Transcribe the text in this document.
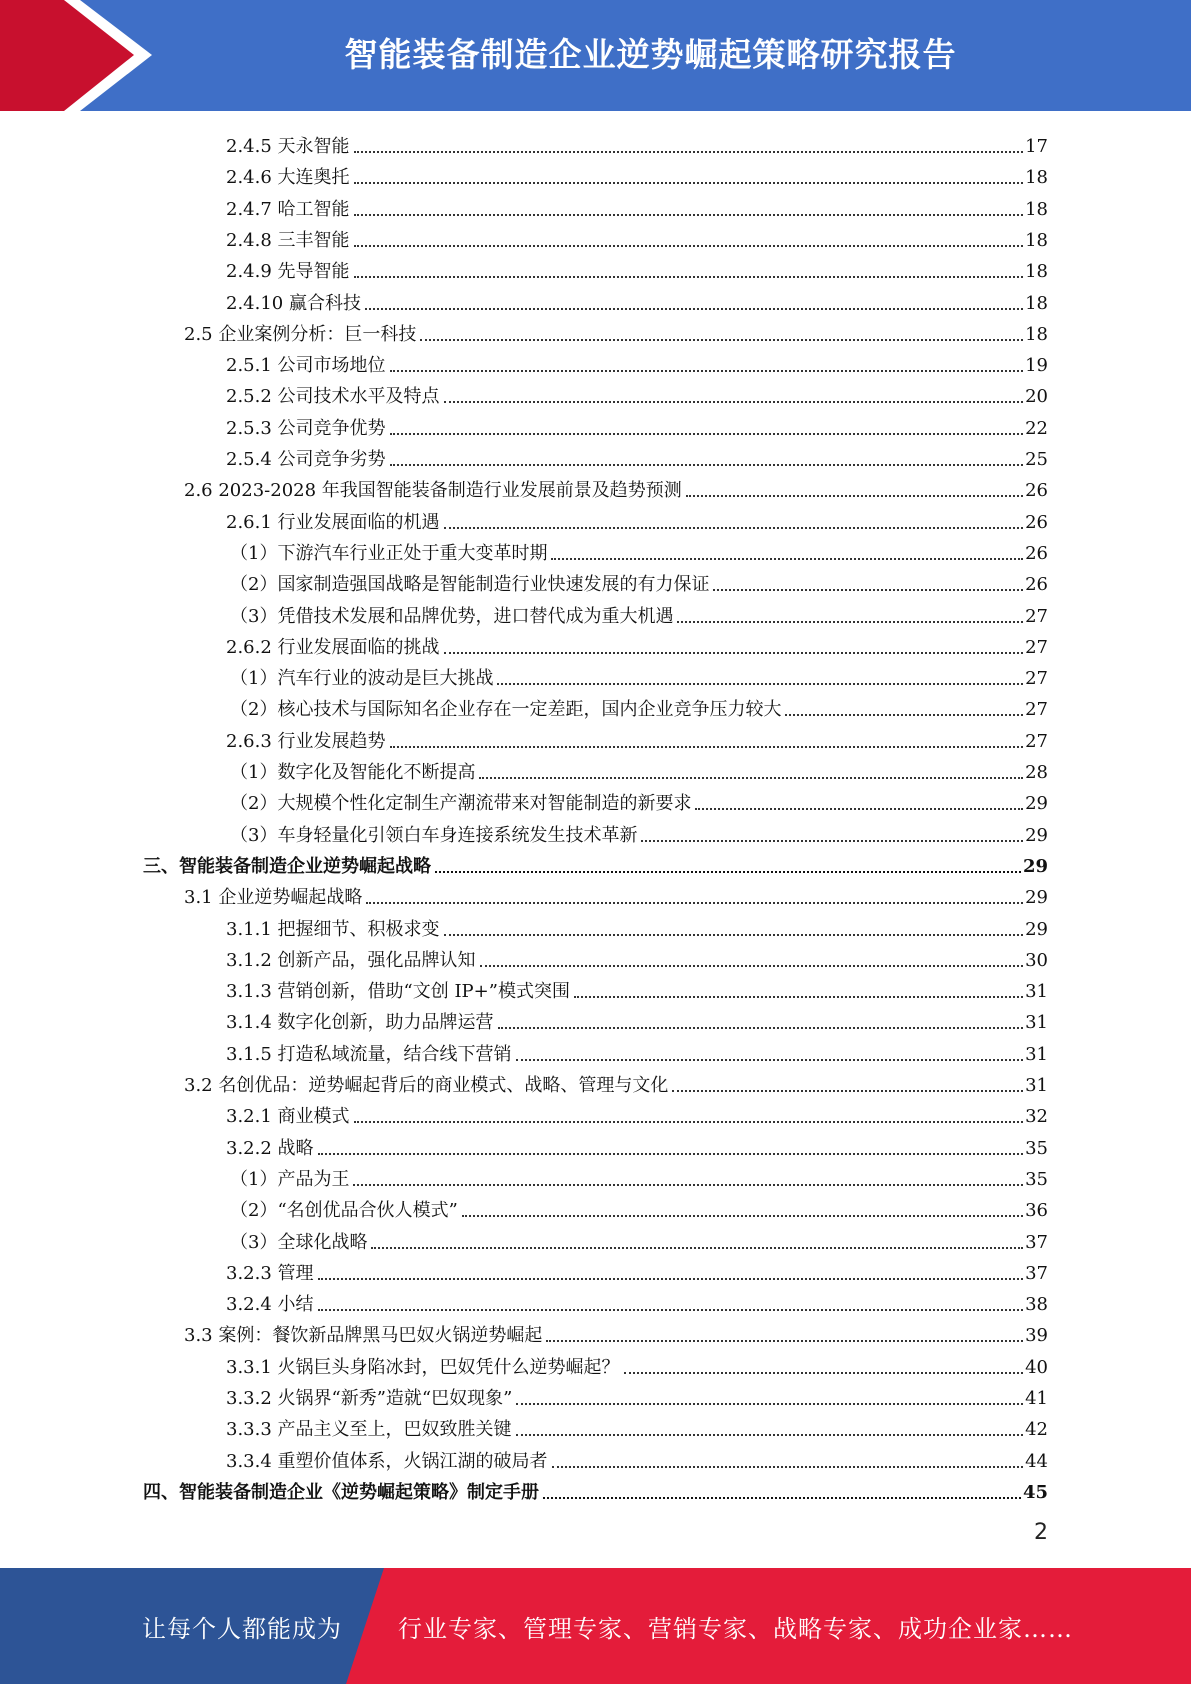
智能装备制造企业逆势崛起策略研究报告
2.4.5 天永智能	17
2.4.6 大连奥托	18
2.4.7 哈工智能	18
2.4.8 三丰智能	18
2.4.9 先导智能	18
2.4.10 赢合科技	18
2.5 企业案例分析：巨一科技	18
2.5.1 公司市场地位	19
2.5.2 公司技术水平及特点	20
2.5.3 公司竞争优势	22
2.5.4 公司竞争劣势	25
2.6 2023-2028 年我国智能装备制造行业发展前景及趋势预测	26
2.6.1 行业发展面临的机遇	26
（1）下游汽车行业正处于重大变革时期	26
（2）国家制造强国战略是智能制造行业快速发展的有力保证	26
（3）凭借技术发展和品牌优势，进口替代成为重大机遇	27
2.6.2 行业发展面临的挑战	27
（1）汽车行业的波动是巨大挑战	27
（2）核心技术与国际知名企业存在一定差距，国内企业竞争压力较大	27
2.6.3 行业发展趋势	27
（1）数字化及智能化不断提高	28
（2）大规模个性化定制生产潮流带来对智能制造的新要求	29
（3）车身轻量化引领白车身连接系统发生技术革新	29
三、智能装备制造企业逆势崛起战略	29
3.1 企业逆势崛起战略	29
3.1.1 把握细节、积极求变	29
3.1.2 创新产品，强化品牌认知	30
3.1.3 营销创新，借助“文创 IP+”模式突围	31
3.1.4 数字化创新，助力品牌运营	31
3.1.5 打造私域流量，结合线下营销	31
3.2 名创优品：逆势崛起背后的商业模式、战略、管理与文化	31
3.2.1 商业模式	32
3.2.2 战略	35
（1）产品为王	35
（2）“名创优品合伙人模式”	36
（3）全球化战略	37
3.2.3 管理	37
3.2.4 小结	38
3.3 案例：餐饮新品牌黑马巴奴火锅逆势崛起	39
3.3.1 火锅巨头身陷冰封，巴奴凭什么逆势崛起？	40
3.3.2 火锅界“新秀”造就“巴奴现象”	41
3.3.3 产品主义至上，巴奴致胜关键	42
3.3.4 重塑价值体系，火锅江湖的破局者	44
四、智能装备制造企业《逆势崛起策略》制定手册	45
2
让每个人都能成为 行业专家、管理专家、营销专家、战略专家、成功企业家……
